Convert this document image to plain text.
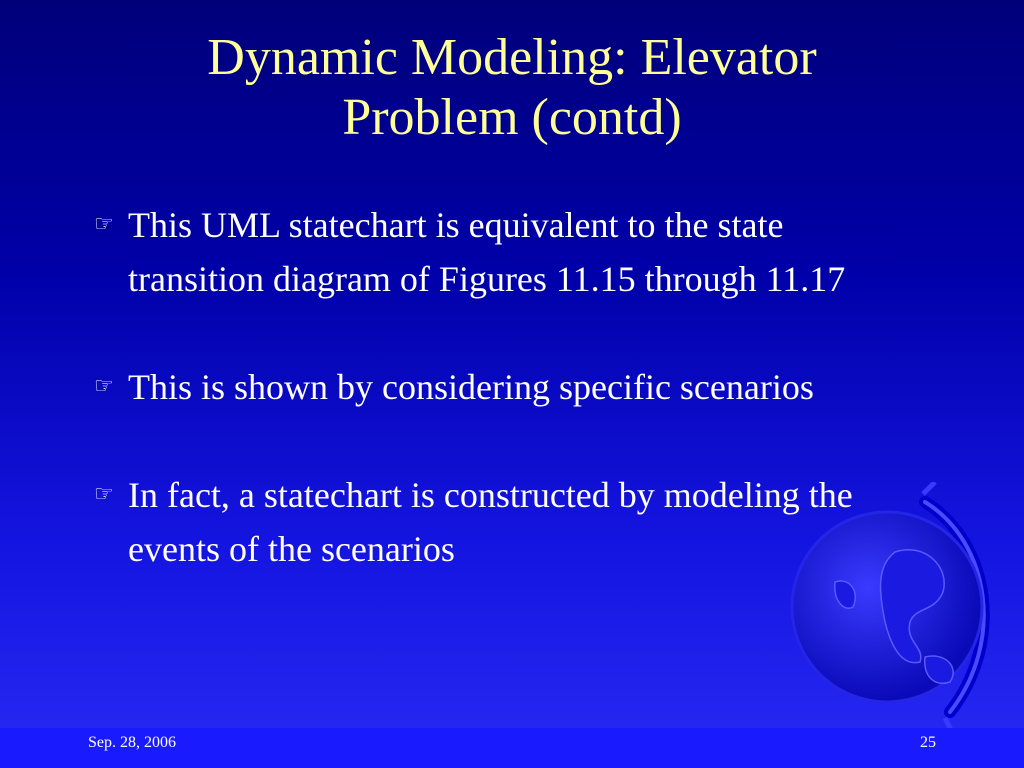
Dynamic Modeling: Elevator
Problem (contd)
☞ This UML statechart is equivalent to the state transition diagram of Figures 11.15 through 11.17
☞ This is shown by considering specific scenarios
☞ In fact, a statechart is constructed by modeling the events of the scenarios
Sep. 28, 2006	25
